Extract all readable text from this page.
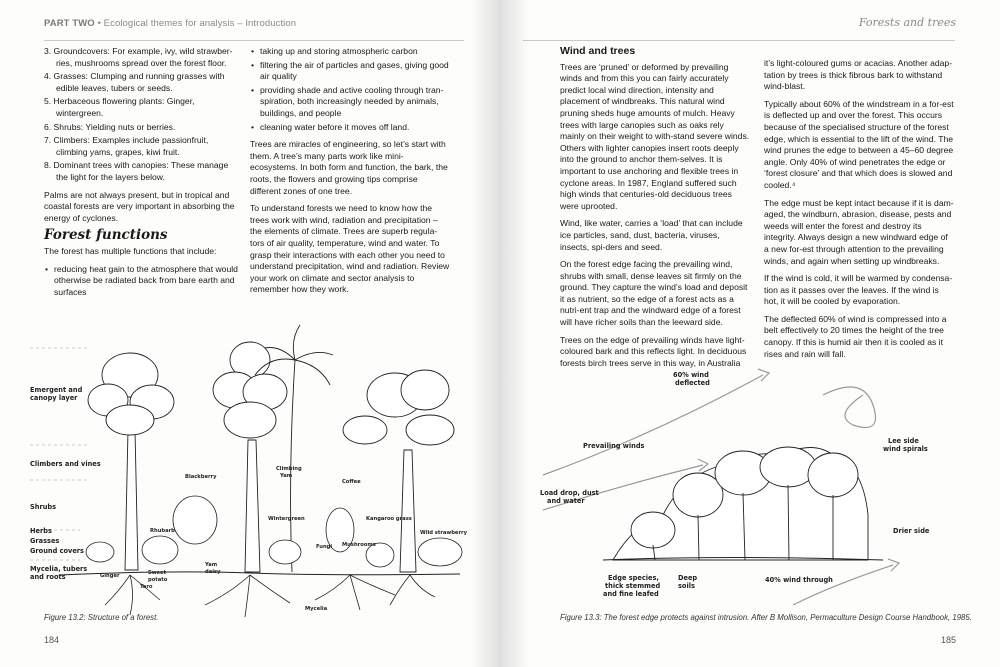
PART TWO • Ecological themes for analysis – Introduction
3. Groundcovers: For example, ivy, wild strawber-ries, mushrooms spread over the forest floor.
4. Grasses: Clumping and running grasses with edible leaves, tubers or seeds.
5. Herbaceous flowering plants: Ginger, wintergreen.
6. Shrubs: Yielding nuts or berries.
7. Climbers: Examples include passionfruit, climbing yams, grapes, kiwi fruit.
8. Dominant trees with canopies: These manage the light for the layers below.

Palms are not always present, but in tropical and coastal forests are very important in absorbing the energy of cyclones.

Forest functions

The forest has multiple functions that include:

• reducing heat gain to the atmosphere that would otherwise be radiated back from bare earth and surfaces
• taking up and storing atmospheric carbon
• filtering the air of particles and gases, giving good air quality
• providing shade and active cooling through tran-spiration, both increasingly needed by animals, buildings, and people
• cleaning water before it moves off land.

Trees are miracles of engineering, so let’s start with them. A tree’s many parts work like mini-ecosystems. In both form and function, the bark, the roots, the flowers and growing tips comprise different zones of one tree.

To understand forests we need to know how the trees work with wind, radiation and precipitation – the elements of climate. Trees are superb regula-tors of air quality, temperature, wind and water. To grasp their interactions with each other you need to understand precipitation, wind and radiation. Review your work on climate and sector analysis to remember how they work.

Emergent and
canopy layer
Climbers and vines
Shrubs
Herbs
Grasses
Ground covers
Mycelia, tubers
and roots
Blackberry
Climbing
Yam
Coffee
Wintergreen
Rhubarb
Fungi Mushrooms
Kangaroo grass
Wild strawberry
Ginger	Sweet
potato
Taro
Yam
daisy
Mycelia
Figure 13.2: Structure of a forest.
184
Forests and trees
Wind and trees

Trees are ‘pruned’ or deformed by prevailing winds and from this you can fairly accurately predict local wind direction, intensity and placement of windbreaks. This natural wind pruning sheds huge amounts of mulch. Heavy trees with large canopies such as oaks rely mainly on their weight to with-stand severe winds. Others with lighter canopies insert roots deeply into the ground to anchor them-selves. It is important to use anchoring and flexible trees in cyclone areas. In 1987, England suffered such high winds that centuries-old deciduous trees were uprooted.

Wind, like water, carries a ‘load’ that can include ice particles, sand, dust, bacteria, viruses, insects, spi-ders and seed.

On the forest edge facing the prevailing wind, shrubs with small, dense leaves sit firmly on the ground. They capture the wind’s load and deposit it as nutrient, so the edge of a forest acts as a nutri-ent trap and the windward edge of a forest will have richer soils than the leeward side.

Trees on the edge of prevailing winds have light-coloured bark and this reflects light. In deciduous forests birch trees serve in this way, in Australia

it’s light-coloured gums or acacias. Another adap-tation by trees is thick fibrous bark to withstand wind-blast.

Typically about 60% of the windstream in a for-est is deflected up and over the forest. This occurs because of the specialised structure of the forest edge, which is essential to the lift of the wind. The wind prunes the edge to between a 45–60 degree angle. Only 40% of wind penetrates the edge or ‘forest closure’ and that which does is slowed and cooled.⁴

The edge must be kept intact because if it is dam-aged, the windburn, abrasion, disease, pests and weeds will enter the forest and destroy its integrity. Always design a new windward edge of a new for-est through attention to the prevailing winds, and again when setting up windbreaks.

If the wind is cold, it will be warmed by condensa-tion as it passes over the leaves. If the wind is hot, it will be cooled by evaporation.

The deflected 60% of wind is compressed into a belt effectively to 20 times the height of the tree canopy. If this is humid air then it is cooled as it rises and rain will fall.

60% wind
deflected
Prevailing winds
Lee side
wind spirals
Load drop, dust
and water
Drier side
Edge species,
thick stemmed
and fine leafed
Deep
soils
40% wind through
Figure 13.3: The forest edge protects against intrusion. After B Mollison, Permaculture Design Course Handbook, 1985.
185
